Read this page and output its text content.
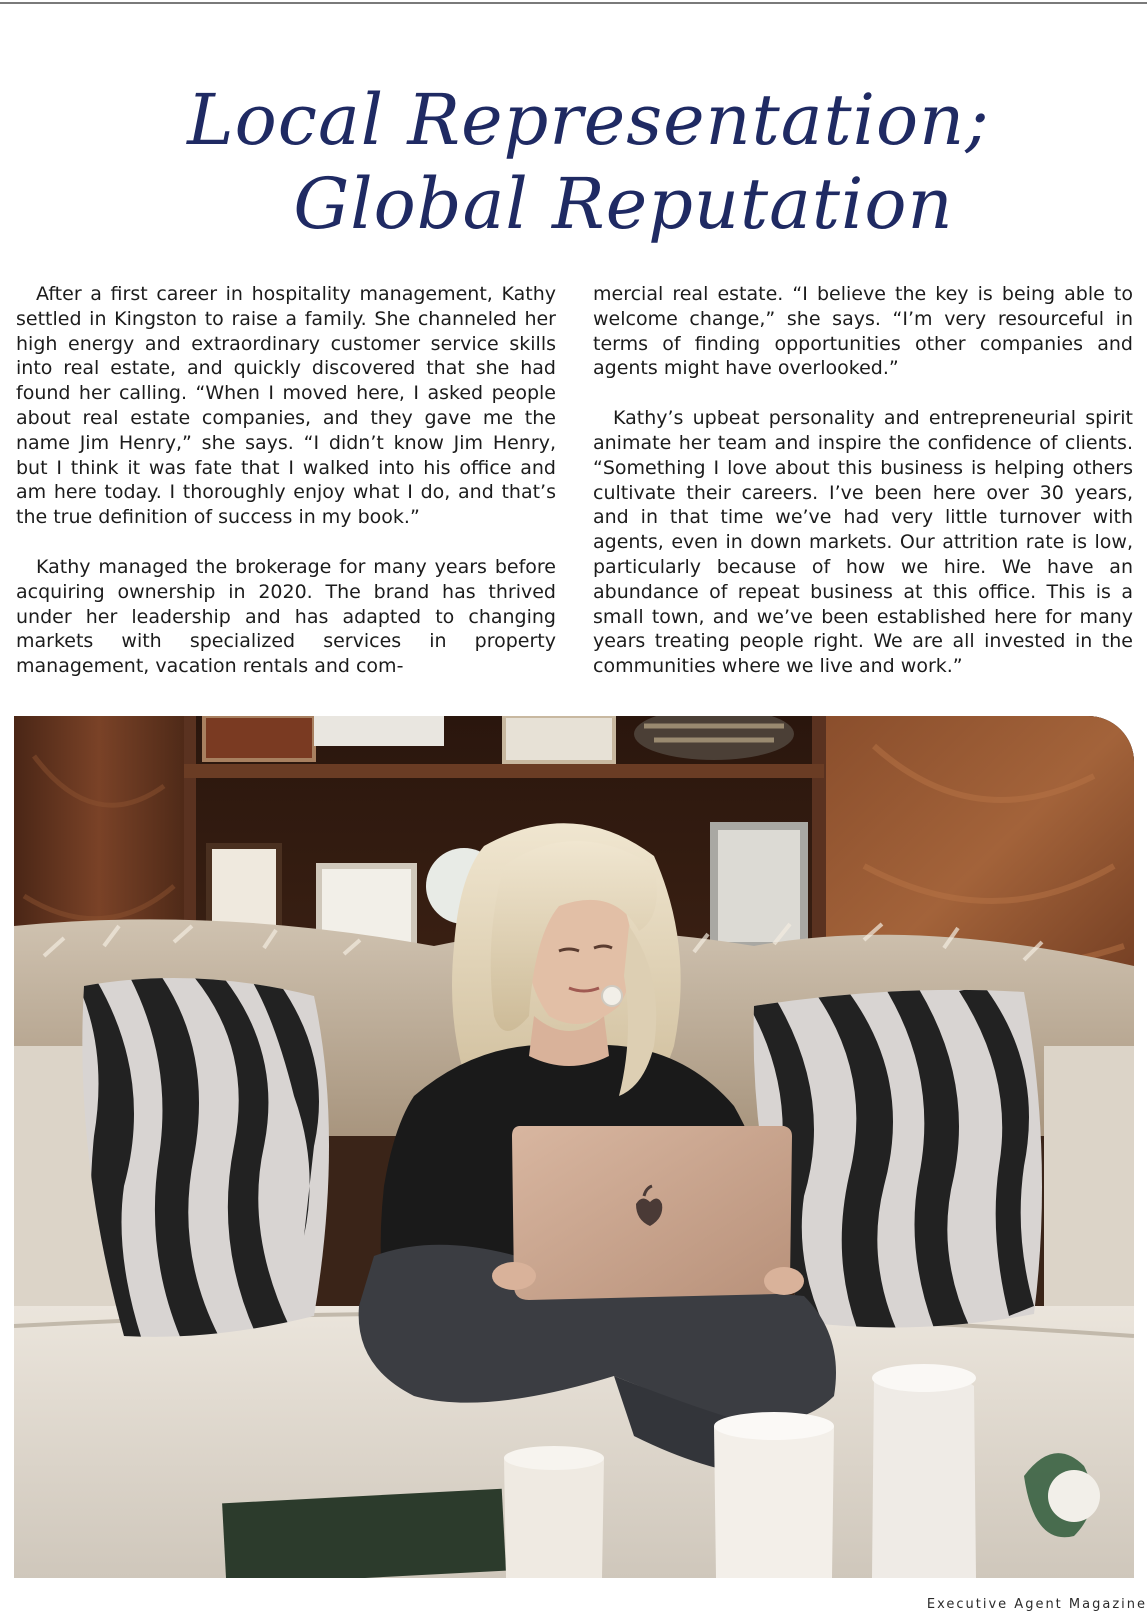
Local Representation;
Global Reputation

After a first career in hospitality management, Kathy settled in Kingston to raise a family. She channeled her high energy and extraordinary customer service skills into real estate, and quickly discovered that she had found her calling. “When I moved here, I asked people about real estate companies, and they gave me the name Jim Henry,” she says. “I didn’t know Jim Henry, but I think it was fate that I walked into his office and am here today. I thoroughly enjoy what I do, and that’s the true definition of success in my book.”

Kathy managed the brokerage for many years before acquiring ownership in 2020. The brand has thrived under her leadership and has adapted to changing markets with specialized services in property management, vacation rentals and com-

mercial real estate. “I believe the key is being able to welcome change,” she says. “I’m very resourceful in terms of finding opportunities other companies and agents might have overlooked.”

Kathy’s upbeat personality and entrepreneurial spirit animate her team and inspire the confidence of clients. “Something I love about this business is helping others cultivate their careers. I’ve been here over 30 years, and in that time we’ve had very little turnover with agents, even in down markets. Our attrition rate is low, particularly because of how we hire. We have an abundance of repeat business at this office. This is a small town, and we’ve been established here for many years treating people right. We are all invested in the communities where we live and work.”

Executive Agent Magazine
